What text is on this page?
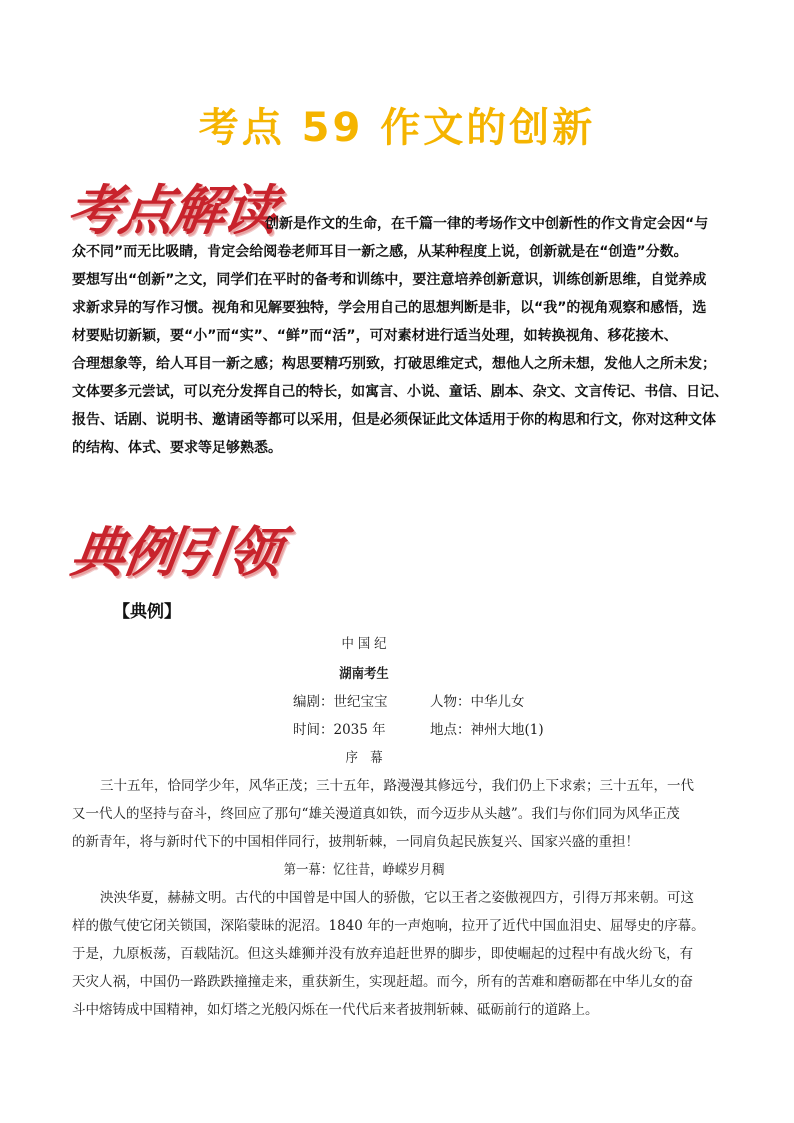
考点 59 作文的创新
考点解读
创新是作文的生命，在千篇一律的考场作文中创新性的作文肯定会因“与
众不同”而无比吸睛，肯定会给阅卷老师耳目一新之感，从某种程度上说，创新就是在“创造”分数。
要想写出“创新”之文，同学们在平时的备考和训练中，要注意培养创新意识，训练创新思维，自觉养成
求新求异的写作习惯。视角和见解要独特，学会用自己的思想判断是非，以“我”的视角观察和感悟，选
材要贴切新颖，要“小”而“实”、“鲜”而“活”，可对素材进行适当处理，如转换视角、移花接木、
合理想象等，给人耳目一新之感；构思要精巧别致，打破思维定式，想他人之所未想，发他人之所未发；
文体要多元尝试，可以充分发挥自己的特长，如寓言、小说、童话、剧本、杂文、文言传记、书信、日记、
报告、话剧、说明书、邀请函等都可以采用，但是必须保证此文体适用于你的构思和行文，你对这种文体
的结构、体式、要求等足够熟悉。
典例引领
【典例】
中 国 纪
湖南考生
编剧：世纪宝宝	人物：中华儿女
时间：2035 年	地点：神州大地(1)
序　幕
三十五年，恰同学少年，风华正茂；三十五年，路漫漫其修远兮，我们仍上下求索；三十五年，一代
又一代人的坚持与奋斗，终回应了那句“雄关漫道真如铁，而今迈步从头越”。我们与你们同为风华正茂
的新青年，将与新时代下的中国相伴同行，披荆斩棘，一同肩负起民族复兴、国家兴盛的重担！
第一幕：忆往昔，峥嵘岁月稠
泱泱华夏，赫赫文明。古代的中国曾是中国人的骄傲，它以王者之姿傲视四方，引得万邦来朝。可这
样的傲气使它闭关锁国，深陷蒙昧的泥沼。1840 年的一声炮响，拉开了近代中国血泪史、屈辱史的序幕。
于是，九原板荡，百载陆沉。但这头雄狮并没有放弃追赶世界的脚步，即使崛起的过程中有战火纷飞，有
天灾人祸，中国仍一路跌跌撞撞走来，重获新生，实现赶超。而今，所有的苦难和磨砺都在中华儿女的奋
斗中熔铸成中国精神，如灯塔之光般闪烁在一代代后来者披荆斩棘、砥砺前行的道路上。
